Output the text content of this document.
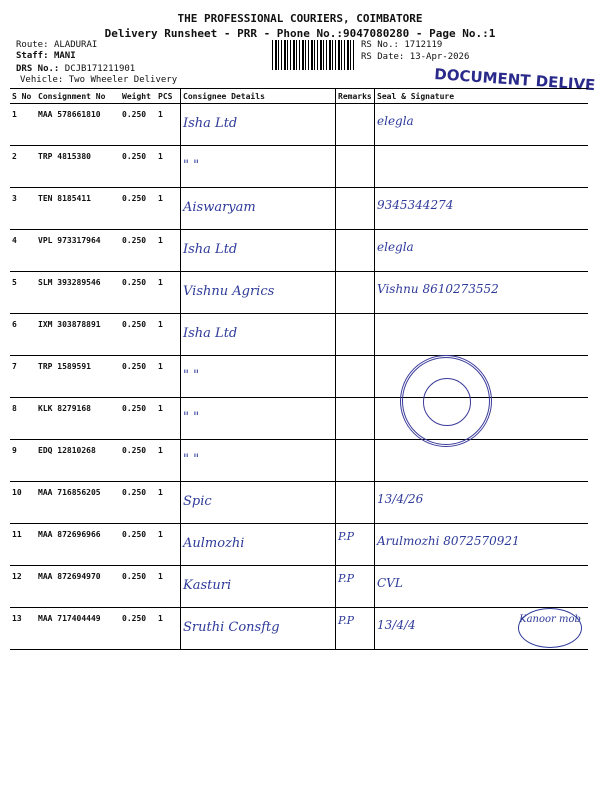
THE PROFESSIONAL COURIERS, COIMBATORE
Delivery Runsheet - PRR - Phone No.:9047080280 - Page No.:1
Route: ALADURAI
Staff: MANI
DRS No.: DCJB171211901
Vehicle: Two Wheeler Delivery
RS No.: 1712119
RS Date: 13-Apr-2026
DOCUMENT DELIVE
S No	Consignment No	Weight	PCS	Consignee Details	Remarks	Seal & Signature
1	MAA 578661810	0.250	1	Isha Ltd		elegla
2	TRP 4815380	0.250	1	" "		
3	TEN 8185411	0.250	1	Aiswaryam		9345344274
4	VPL 973317964	0.250	1	Isha Ltd		elegla
5	SLM 393289546	0.250	1	Vishnu Agrics		Vishnu 8610273552
6	IXM 303878891	0.250	1	Isha Ltd		
7	TRP 1589591	0.250	1	" "		
8	KLK 8279168	0.250	1	" "		
9	EDQ 12810268	0.250	1	" "		
10	MAA 716856205	0.250	1	Spic		13/4/26
11	MAA 872696966	0.250	1	Aulmozhi	P.P	Arulmozhi 8072570921
12	MAA 872694970	0.250	1	Kasturi	P.P	CVL
13	MAA 717404449	0.250	1	Sruthi Consftg	P.P	13/4/4	Kanoor mob
